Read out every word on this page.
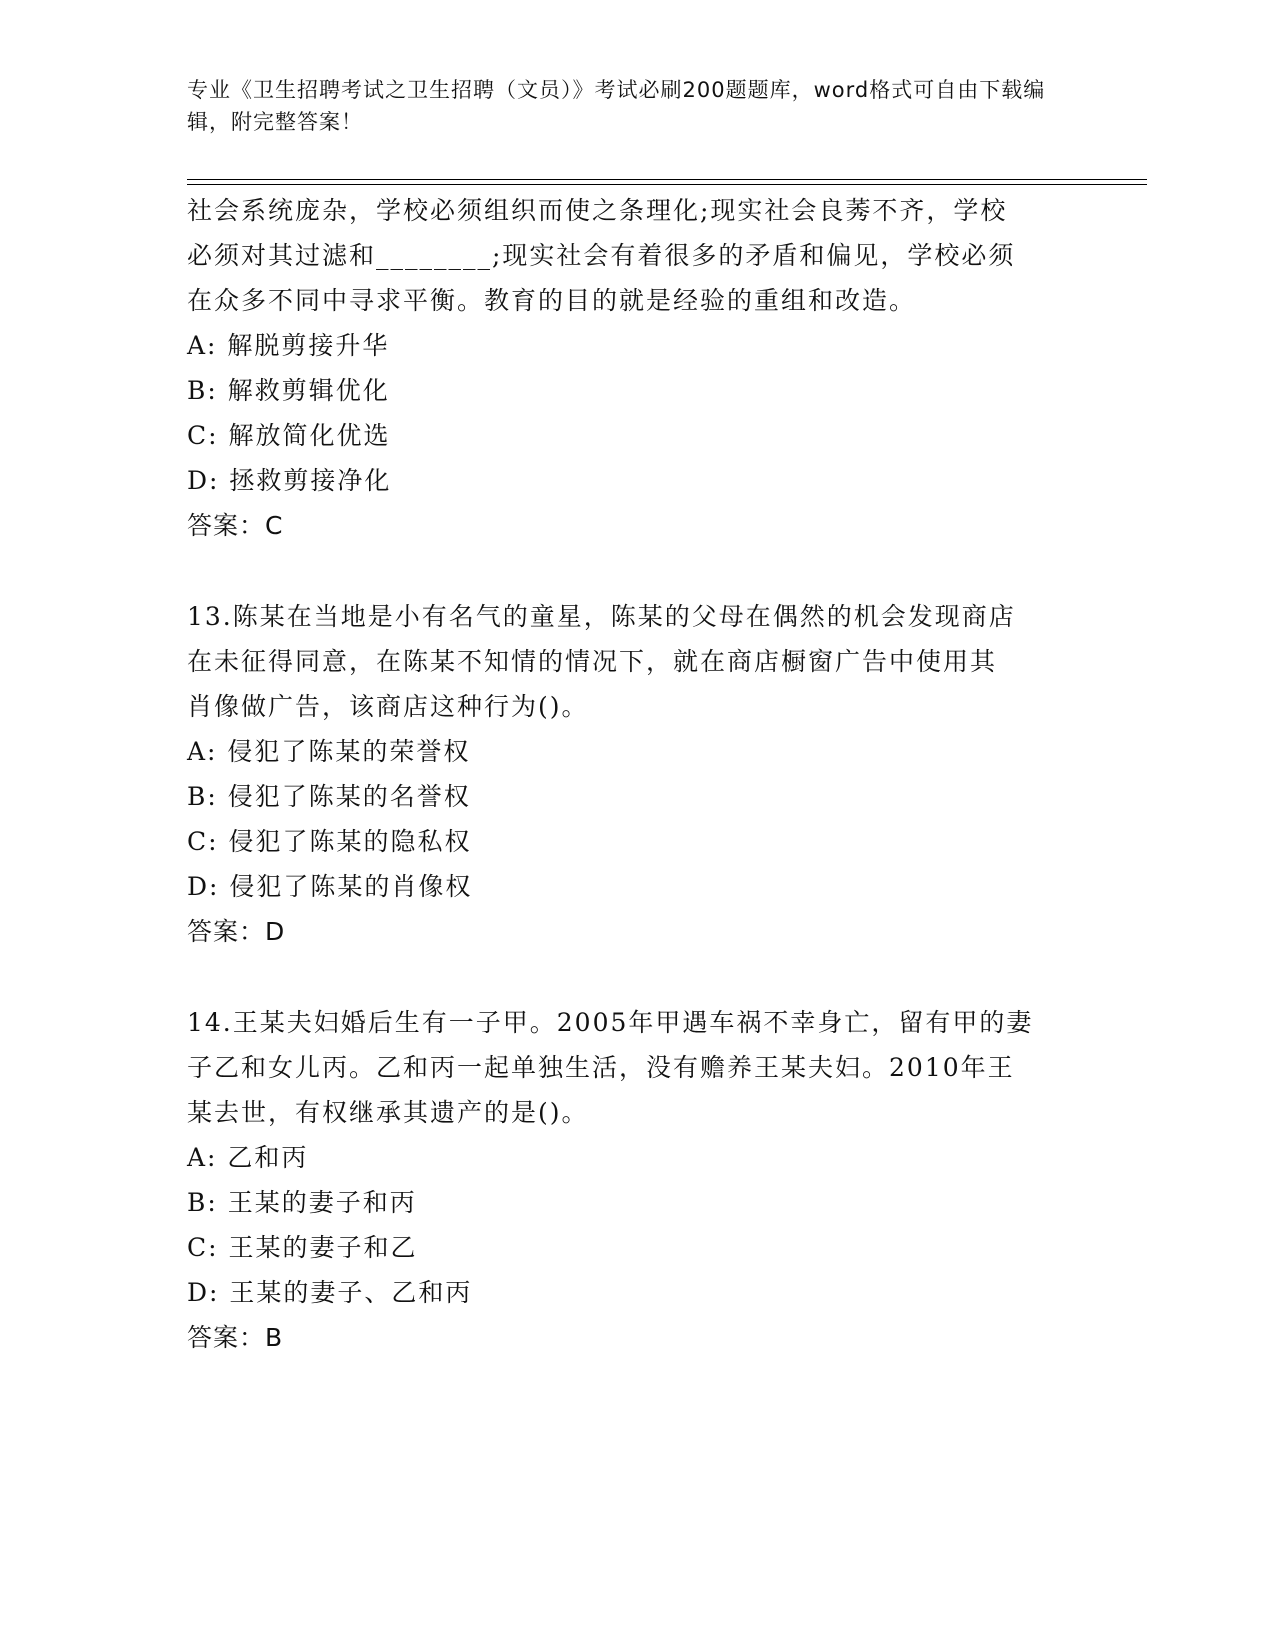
专业《卫生招聘考试之卫生招聘（文员）》考试必刷200题题库，word格式可自由下载编辑，附完整答案！

社会系统庞杂，学校必须组织而使之条理化;现实社会良莠不齐，学校

必须对其过滤和________;现实社会有着很多的矛盾和偏见，学校必须

在众多不同中寻求平衡。教育的目的就是经验的重组和改造。

A: 解脱剪接升华

B: 解救剪辑优化

C: 解放简化优选

D: 拯救剪接净化

答案：C

13.陈某在当地是小有名气的童星，陈某的父母在偶然的机会发现商店

在未征得同意，在陈某不知情的情况下，就在商店橱窗广告中使用其

肖像做广告，该商店这种行为()。

A: 侵犯了陈某的荣誉权

B: 侵犯了陈某的名誉权

C: 侵犯了陈某的隐私权

D: 侵犯了陈某的肖像权

答案：D

14.王某夫妇婚后生有一子甲。2005年甲遇车祸不幸身亡，留有甲的妻

子乙和女儿丙。乙和丙一起单独生活，没有赡养王某夫妇。2010年王

某去世，有权继承其遗产的是()。

A: 乙和丙

B: 王某的妻子和丙

C: 王某的妻子和乙

D: 王某的妻子、乙和丙

答案：B
